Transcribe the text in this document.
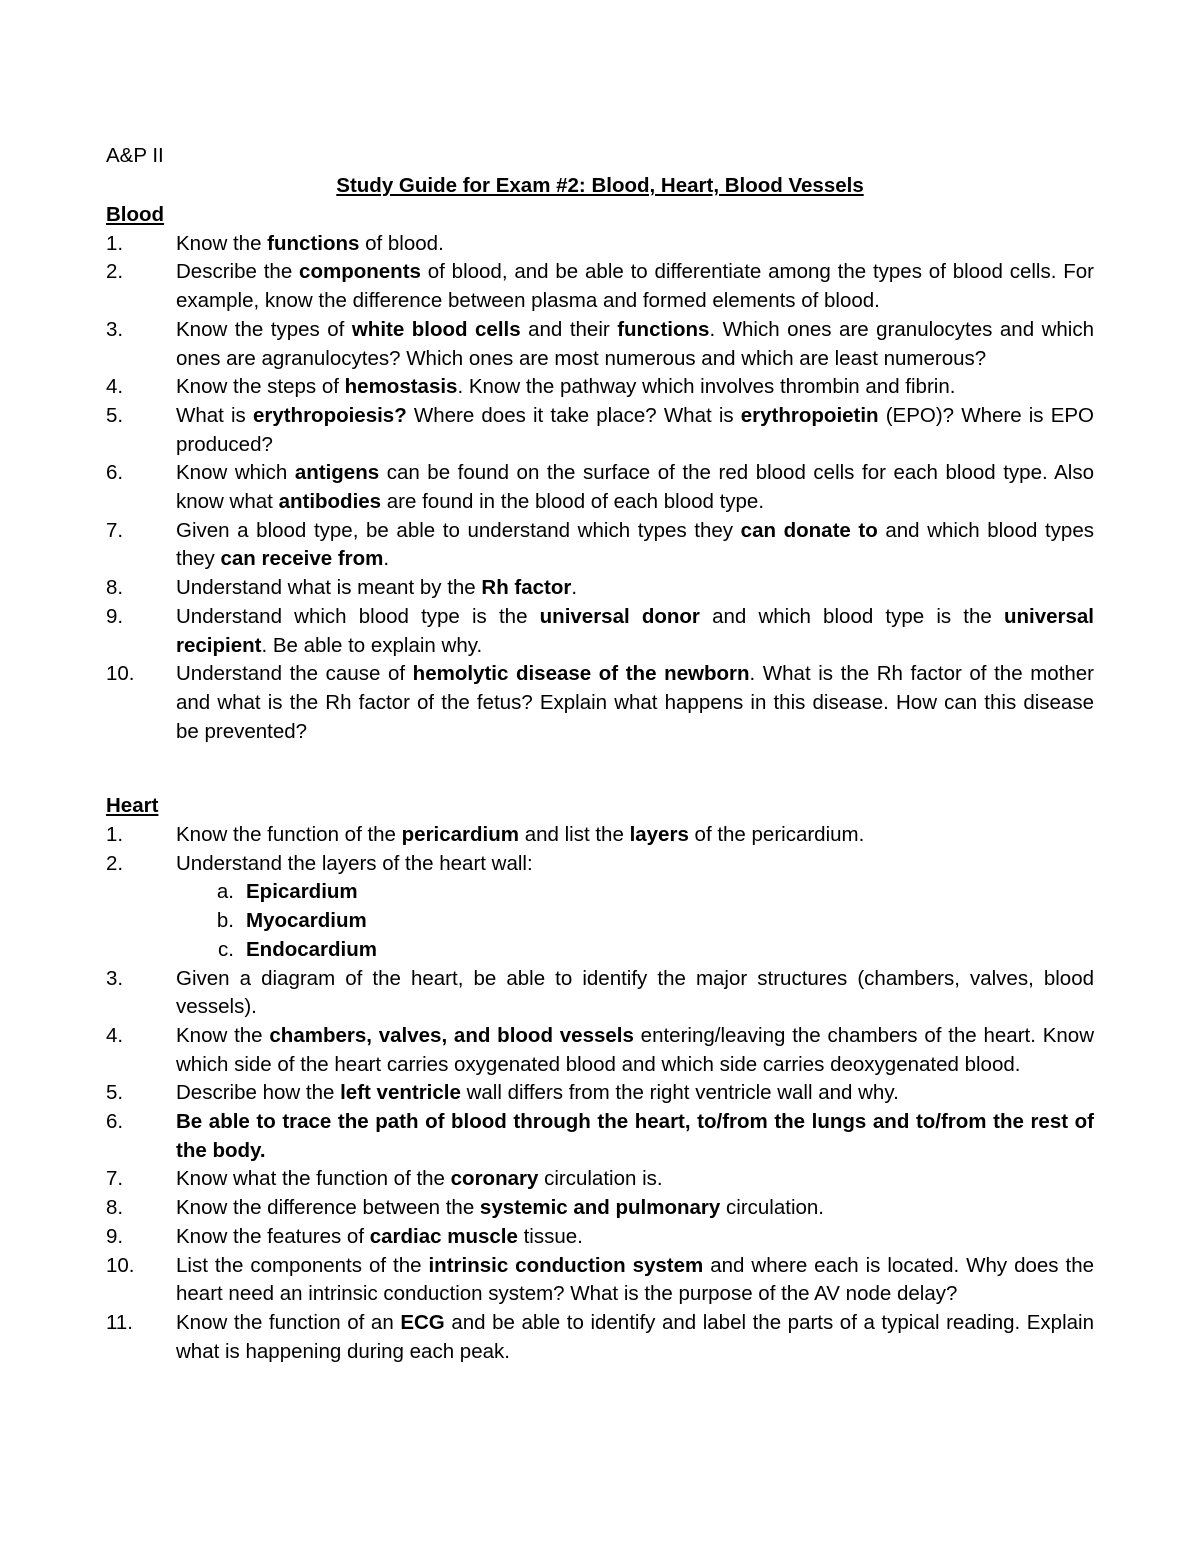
A&P II
Study Guide for Exam #2: Blood, Heart, Blood Vessels
Blood
1.	Know the functions of blood.
2.	Describe the components of blood, and be able to differentiate among the types of blood cells. For example, know the difference between plasma and formed elements of blood.
3.	Know the types of white blood cells and their functions. Which ones are granulocytes and which ones are agranulocytes? Which ones are most numerous and which are least numerous?
4.	Know the steps of hemostasis. Know the pathway which involves thrombin and fibrin.
5.	What is erythropoiesis? Where does it take place? What is erythropoietin (EPO)? Where is EPO produced?
6.	Know which antigens can be found on the surface of the red blood cells for each blood type. Also know what antibodies are found in the blood of each blood type.
7.	Given a blood type, be able to understand which types they can donate to and which blood types they can receive from.
8.	Understand what is meant by the Rh factor.
9.	Understand which blood type is the universal donor and which blood type is the universal recipient. Be able to explain why.
10.	Understand the cause of hemolytic disease of the newborn. What is the Rh factor of the mother and what is the Rh factor of the fetus? Explain what happens in this disease. How can this disease be prevented?
Heart
1.	Know the function of the pericardium and list the layers of the pericardium.
2.	Understand the layers of the heart wall:
a. Epicardium
b. Myocardium
c. Endocardium
3.	Given a diagram of the heart, be able to identify the major structures (chambers, valves, blood vessels).
4.	Know the chambers, valves, and blood vessels entering/leaving the chambers of the heart. Know which side of the heart carries oxygenated blood and which side carries deoxygenated blood.
5.	Describe how the left ventricle wall differs from the right ventricle wall and why.
6.	Be able to trace the path of blood through the heart, to/from the lungs and to/from the rest of the body.
7.	Know what the function of the coronary circulation is.
8.	Know the difference between the systemic and pulmonary circulation.
9.	Know the features of cardiac muscle tissue.
10.	List the components of the intrinsic conduction system and where each is located. Why does the heart need an intrinsic conduction system? What is the purpose of the AV node delay?
11.	Know the function of an ECG and be able to identify and label the parts of a typical reading. Explain what is happening during each peak.
